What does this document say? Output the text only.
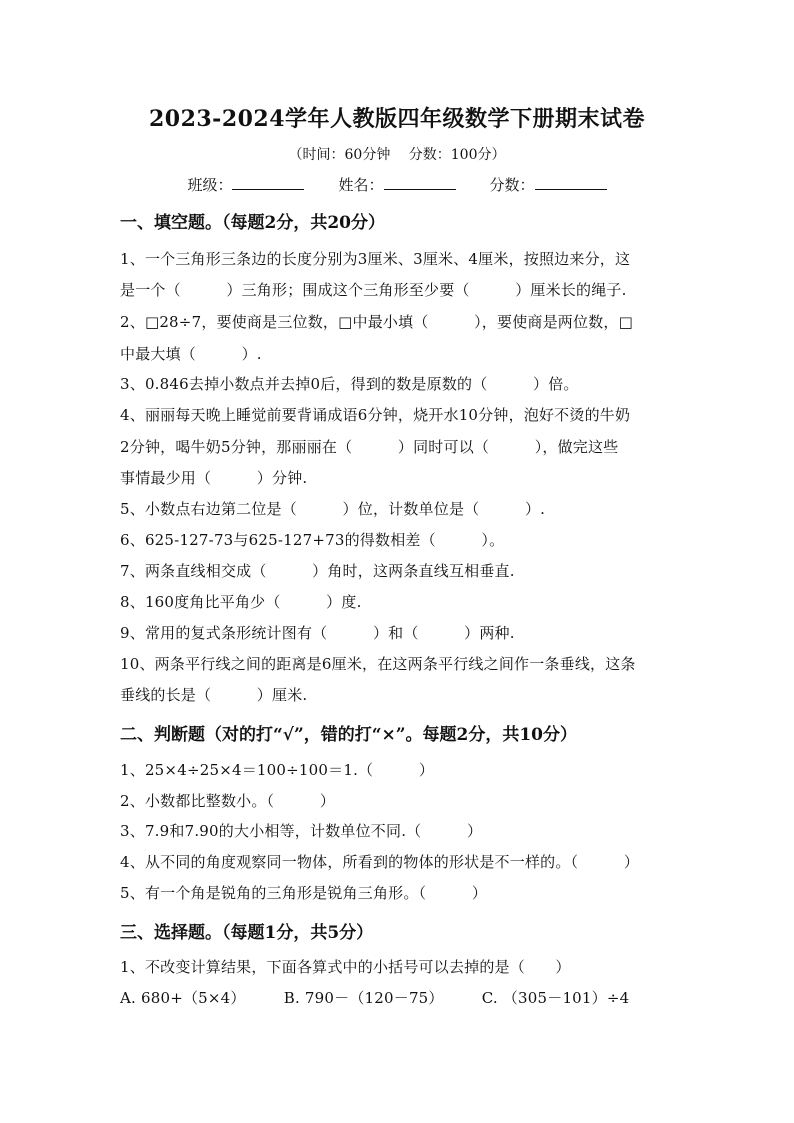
2023-2024学年人教版四年级数学下册期末试卷
（时间：60分钟　 分数：100分）
班级：	姓名：	分数：
一、填空题。（每题2分，共20分）
1、一个三角形三条边的长度分别为3厘米、3厘米、4厘米，按照边来分，这
是一个（　　　）三角形；围成这个三角形至少要（　　　）厘米长的绳子.
2、□28÷7，要使商是三位数，□中最小填（　　　），要使商是两位数，□
中最大填（　　　）.
3、0.846去掉小数点并去掉0后，得到的数是原数的（　　　）倍。
4、丽丽每天晚上睡觉前要背诵成语6分钟，烧开水10分钟，泡好不烫的牛奶
2分钟，喝牛奶5分钟，那丽丽在（　　　）同时可以（　　　），做完这些
事情最少用（　　　）分钟.
5、小数点右边第二位是（　　　）位，计数单位是（　　　）.
6、625-127-73与625-127+73的得数相差（　　　）。
7、两条直线相交成（　　　）角时，这两条直线互相垂直.
8、160度角比平角少（　　　）度.
9、常用的复式条形统计图有（　　　）和（　　　）两种.
10、两条平行线之间的距离是6厘米，在这两条平行线之间作一条垂线，这条
垂线的长是（　　　）厘米.
二、判断题（对的打“√”，错的打“×”。每题2分，共10分）
1、25×4÷25×4＝100÷100＝1.（　　　）
2、小数都比整数小。（　　　）
3、7.9和7.90的大小相等，计数单位不同.（　　　）
4、从不同的角度观察同一物体，所看到的物体的形状是不一样的。（　　　）
5、有一个角是锐角的三角形是锐角三角形。（　　　）
三、选择题。（每题1分，共5分）
1、不改变计算结果，下面各算式中的小括号可以去掉的是（　　）
A. 680+（5×4）　　　B. 790－（120－75）　　　C. （305－101）÷4
